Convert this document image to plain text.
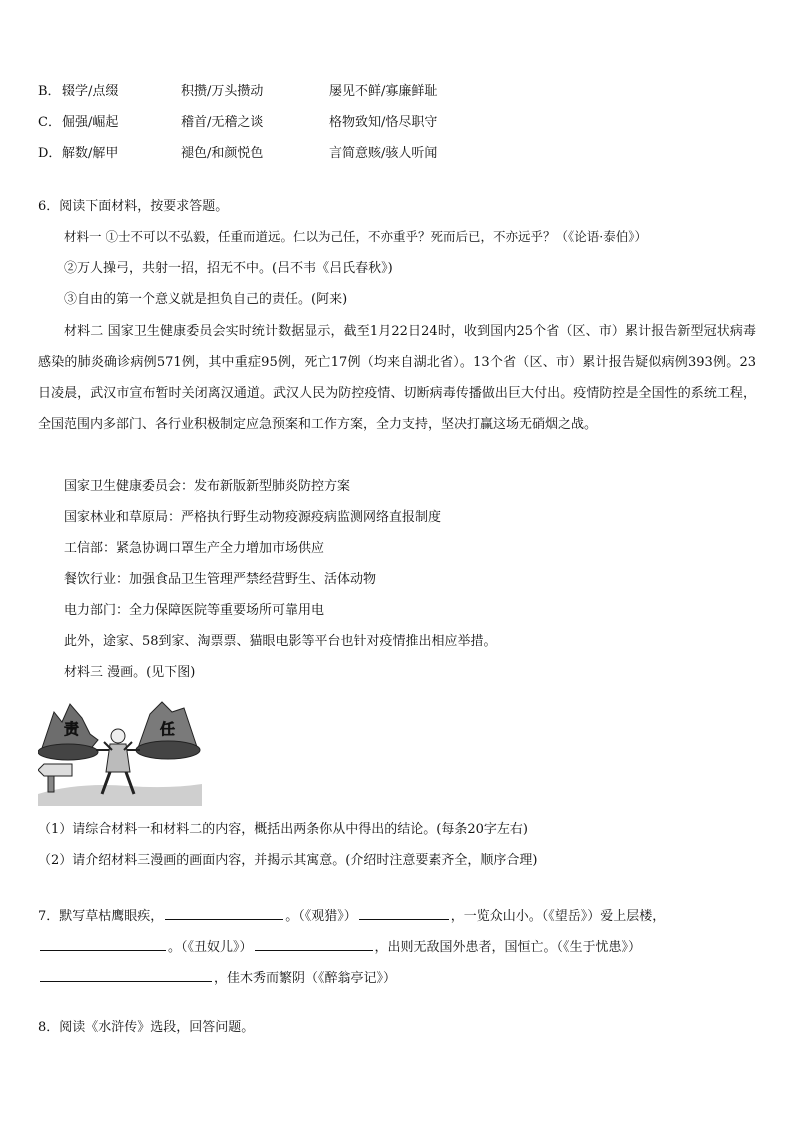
B． 辍学/点缀	积攒/万头攒动	屡见不鲜/寡廉鲜耻
C． 倔强/崛起	稽首/无稽之谈	格物致知/恪尽职守
D． 解数/解甲	褪色/和颜悦色	言简意赅/骇人听闻
6．阅读下面材料，按要求答题。
材料一 ①士不可以不弘毅，任重而道远。仁以为己任，不亦重乎？死而后已，不亦远乎？（《论语·泰伯》）
②万人操弓，共射一招，招无不中。(吕不韦《吕氏春秋》)
③自由的第一个意义就是担负自己的责任。(阿来)
材料二 国家卫生健康委员会实时统计数据显示，截至1月22日24时，收到国内25个省（区、市）累计报告新型冠状病毒感染的肺炎确诊病例571例，其中重症95例，死亡17例（均来自湖北省）。13个省（区、市）累计报告疑似病例393例。23日凌晨，武汉市宣布暂时关闭离汉通道。武汉人民为防控疫情、切断病毒传播做出巨大付出。疫情防控是全国性的系统工程，全国范围内多部门、各行业积极制定应急预案和工作方案，全力支持，坚决打赢这场无硝烟之战。
国家卫生健康委员会：发布新版新型肺炎防控方案
国家林业和草原局：严格执行野生动物疫源疫病监测网络直报制度
工信部：紧急协调口罩生产全力增加市场供应
餐饮行业：加强食品卫生管理严禁经营野生、活体动物
电力部门：全力保障医院等重要场所可靠用电
此外，途家、58到家、淘票票、猫眼电影等平台也针对疫情推出相应举措。
材料三 漫画。(见下图)
责	任
（1）请综合材料一和材料二的内容，概括出两条你从中得出的结论。(每条20字左右)
（2）请介绍材料三漫画的画面内容，并揭示其寓意。(介绍时注意要素齐全，顺序合理)
7．默写草枯鹰眼疾，	。（《观猎》）	，一览众山小。（《望岳》）爱上层楼，
。（《丑奴儿》）	，出则无敌国外患者，国恒亡。（《生于忧患》）
，佳木秀而繁阴（《醉翁亭记》）
8．阅读《水浒传》选段，回答问题。
